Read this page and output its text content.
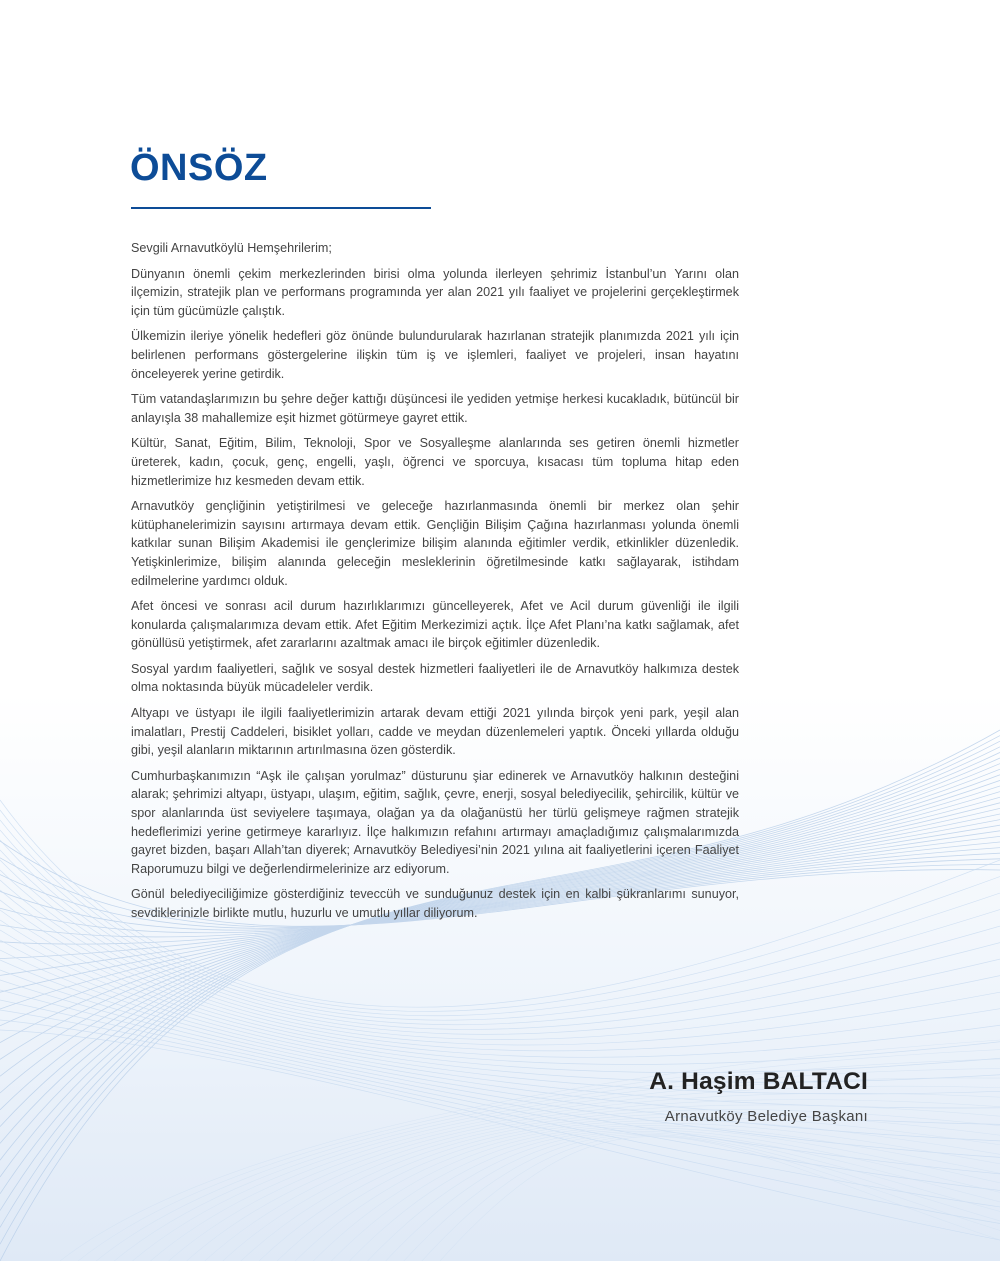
ÖNSÖZ

Sevgili Arnavutköylü Hemşehrilerim;

Dünyanın önemli çekim merkezlerinden birisi olma yolunda ilerleyen şehrimiz İstanbul’un Yarını olan ilçemizin, stratejik plan ve performans programında yer alan 2021 yılı faaliyet ve projelerini gerçekleştirmek için tüm gücümüzle çalıştık.

Ülkemizin ileriye yönelik hedefleri göz önünde bulundurularak hazırlanan stratejik planımızda 2021 yılı için belirlenen performans göstergelerine ilişkin tüm iş ve işlemleri, faaliyet ve projeleri, insan hayatını önceleyerek yerine getirdik.

Tüm vatandaşlarımızın bu şehre değer kattığı düşüncesi ile yediden yetmişe herkesi kucakladık, bütüncül bir anlayışla 38 mahallemize eşit hizmet götürmeye gayret ettik.

Kültür, Sanat, Eğitim, Bilim, Teknoloji, Spor ve Sosyalleşme alanlarında ses getiren önemli hizmetler üreterek, kadın, çocuk, genç, engelli, yaşlı, öğrenci ve sporcuya, kısacası tüm topluma hitap eden hizmetlerimize hız kesmeden devam ettik.

Arnavutköy gençliğinin yetiştirilmesi ve geleceğe hazırlanmasında önemli bir merkez olan şehir kütüphanelerimizin sayısını artırmaya devam ettik. Gençliğin Bilişim Çağına hazırlanması yolunda önemli katkılar sunan Bilişim Akademisi ile gençlerimize bilişim alanında eğitimler verdik, etkinlikler düzenledik. Yetişkinlerimize, bilişim alanında geleceğin mesleklerinin öğretilmesinde katkı sağlayarak, istihdam edilmelerine yardımcı olduk.

Afet öncesi ve sonrası acil durum hazırlıklarımızı güncelleyerek, Afet ve Acil durum güvenliği ile ilgili konularda çalışmalarımıza devam ettik. Afet Eğitim Merkezimizi açtık. İlçe Afet Planı’na katkı sağlamak, afet gönüllüsü yetiştirmek, afet zararlarını azaltmak amacı ile birçok eğitimler düzenledik.

Sosyal yardım faaliyetleri, sağlık ve sosyal destek hizmetleri faaliyetleri ile de Arnavutköy halkımıza destek olma noktasında büyük mücadeleler verdik.

Altyapı ve üstyapı ile ilgili faaliyetlerimizin artarak devam ettiği 2021 yılında birçok yeni park, yeşil alan imalatları, Prestij Caddeleri, bisiklet yolları, cadde ve meydan düzenlemeleri yaptık. Önceki yıllarda olduğu gibi, yeşil alanların miktarının artırılmasına özen gösterdik.

Cumhurbaşkanımızın “Aşk ile çalışan yorulmaz” düsturunu şiar edinerek ve Arnavutköy halkının desteğini alarak; şehrimizi altyapı, üstyapı, ulaşım, eğitim, sağlık, çevre, enerji, sosyal belediyecilik, şehircilik, kültür ve spor alanlarında üst seviyelere taşımaya, olağan ya da olağanüstü her türlü gelişmeye rağmen stratejik hedeflerimizi yerine getirmeye kararlıyız. İlçe halkımızın refahını artırmayı amaçladığımız çalışmalarımızda gayret bizden, başarı Allah’tan diyerek; Arnavutköy Belediyesi’nin 2021 yılına ait faaliyetlerini içeren Faaliyet Raporumuzu bilgi ve değerlendirmelerinize arz ediyorum.

Gönül belediyeciliğimize gösterdiğiniz teveccüh ve sunduğunuz destek için en kalbi şükranlarımı sunuyor, sevdiklerinizle birlikte mutlu, huzurlu ve umutlu yıllar diliyorum.

A. Haşim BALTACI
Arnavutköy Belediye Başkanı
